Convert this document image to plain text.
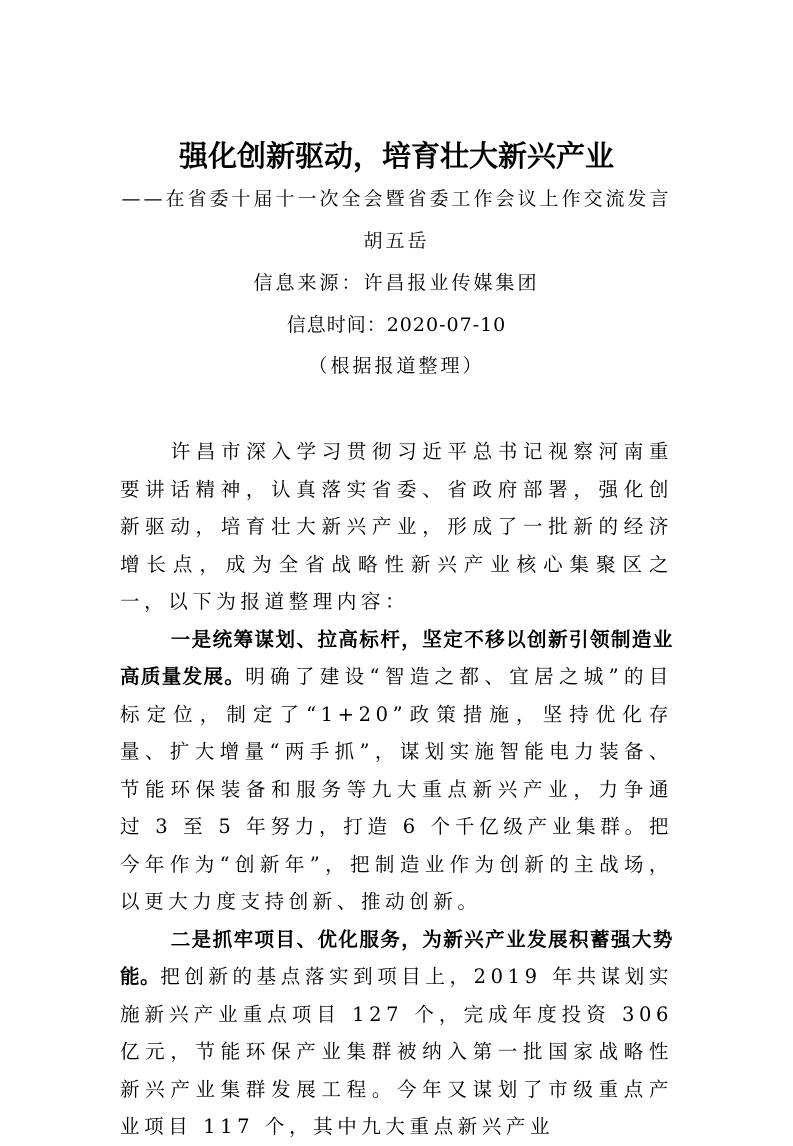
强化创新驱动，培育壮大新兴产业
——在省委十届十一次全会暨省委工作会议上作交流发言
胡五岳
信息来源：许昌报业传媒集团
信息时间：2020-07-10
（根据报道整理）

许昌市深入学习贯彻习近平总书记视察河南重要讲话精神，认真落实省委、省政府部署，强化创新驱动，培育壮大新兴产业，形成了一批新的经济增长点，成为全省战略性新兴产业核心集聚区之一，以下为报道整理内容：

一是统筹谋划、拉高标杆，坚定不移以创新引领制造业高质量发展。明确了建设“智造之都、宜居之城”的目标定位，制定了“1+20”政策措施，坚持优化存量、扩大增量“两手抓”，谋划实施智能电力装备、节能环保装备和服务等九大重点新兴产业，力争通过 3 至 5 年努力，打造 6 个千亿级产业集群。把今年作为“创新年”，把制造业作为创新的主战场，以更大力度支持创新、推动创新。

二是抓牢项目、优化服务，为新兴产业发展积蓄强大势能。把创新的基点落实到项目上，2019 年共谋划实施新兴产业重点项目 127 个，完成年度投资 306 亿元，节能环保产业集群被纳入第一批国家战略性新兴产业集群发展工程。今年又谋划了市级重点产业项目 117 个，其中九大重点新兴产业
